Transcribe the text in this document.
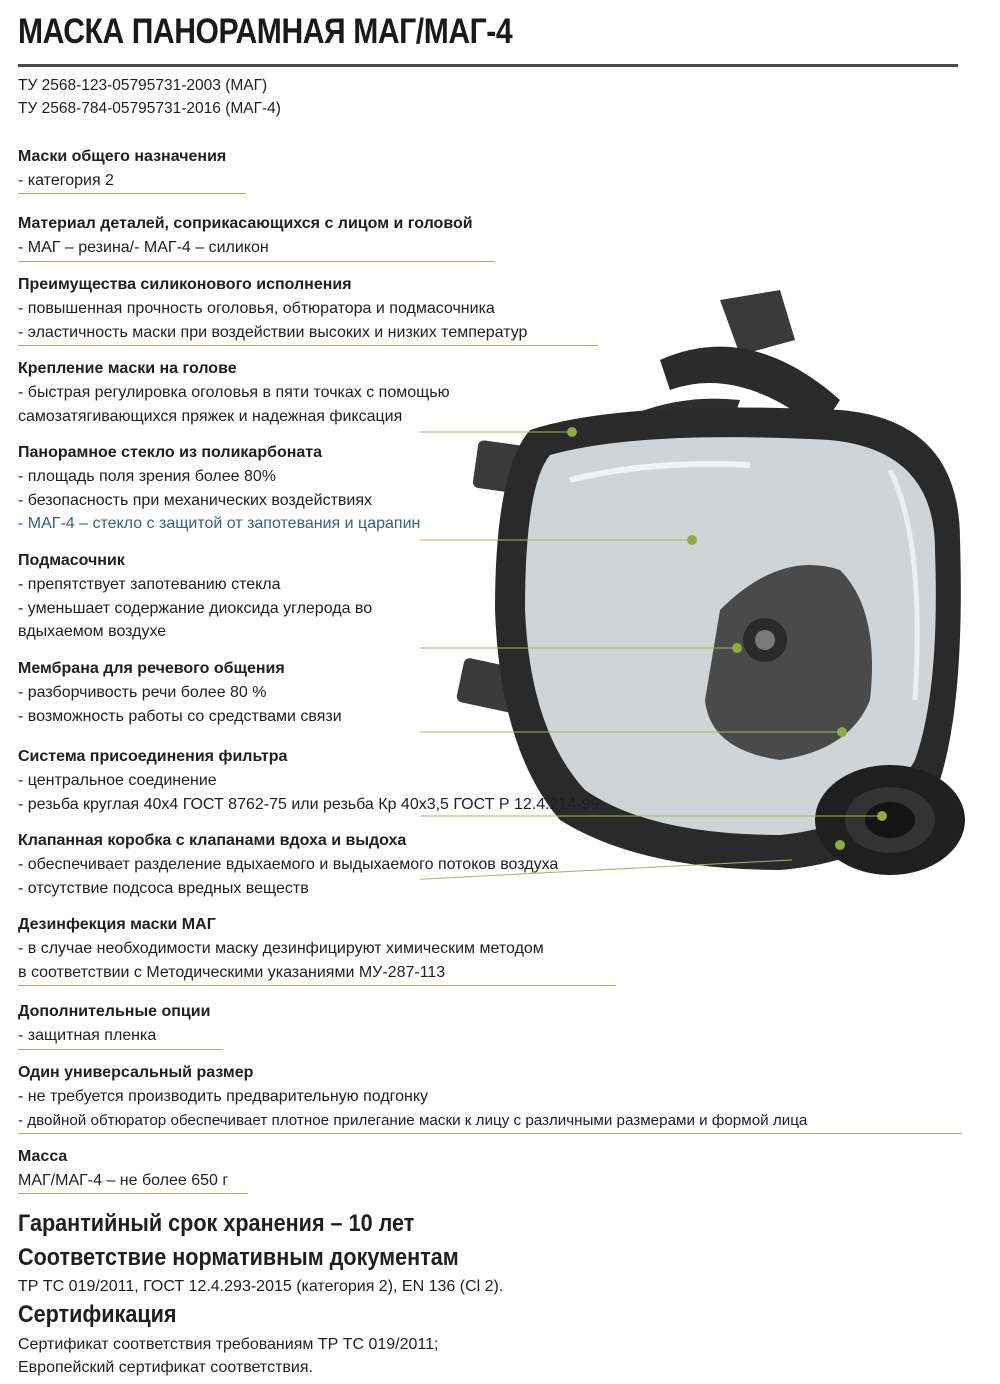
МАСКА ПАНОРАМНАЯ МАГ/МАГ-4
ТУ 2568-123-05795731-2003 (МАГ)
ТУ 2568-784-05795731-2016 (МАГ-4)
Маски общего назначения
- категория 2
Материал деталей, соприкасающихся с лицом и головой
- МАГ – резина/- МАГ-4 – силикон
Преимущества силиконового исполнения
- повышенная прочность оголовья, обтюратора и подмасочника
- эластичность маски при воздействии высоких и низких температур
Крепление маски на голове
- быстрая регулировка оголовья в пяти точках с помощью
самозатягивающихся пряжек и надежная фиксация
Панорамное стекло из поликарбоната
- площадь поля зрения более 80%
- безопасность при механических воздействиях
- МАГ-4 – стекло с защитой от запотевания и царапин
Подмасочник
- препятствует запотеванию стекла
- уменьшает содержание диоксида углерода во
вдыхаемом воздухе
Мембрана для речевого общения
- разборчивость речи более 80 %
- возможность работы со средствами связи
Система присоединения фильтра
- центральное соединение
- резьба круглая 40х4 ГОСТ 8762-75 или резьба Кр 40х3,5 ГОСТ Р 12.4.214-99
Клапанная коробка с клапанами вдоха и выдоха
- обеспечивает разделение вдыхаемого и выдыхаемого потоков воздуха
- отсутствие подсоса вредных веществ
Дезинфекция маски МАГ
- в случае необходимости маску дезинфицируют химическим методом
в соответствии с Методическими указаниями МУ-287-113
Дополнительные опции
- защитная пленка
Один универсальный размер
- не требуется производить предварительную подгонку
- двойной обтюратор обеспечивает плотное прилегание маски к лицу с различными размерами и формой лица
Масса
МАГ/МАГ-4 – не более 650 г
Гарантийный срок хранения – 10 лет
Соответствие нормативным документам
ТР ТС 019/2011, ГОСТ 12.4.293-2015 (категория 2), EN 136 (Cl 2).
Сертификация
Сертификат соответствия требованиям ТР ТС 019/2011;
Европейский сертификат соответствия.
